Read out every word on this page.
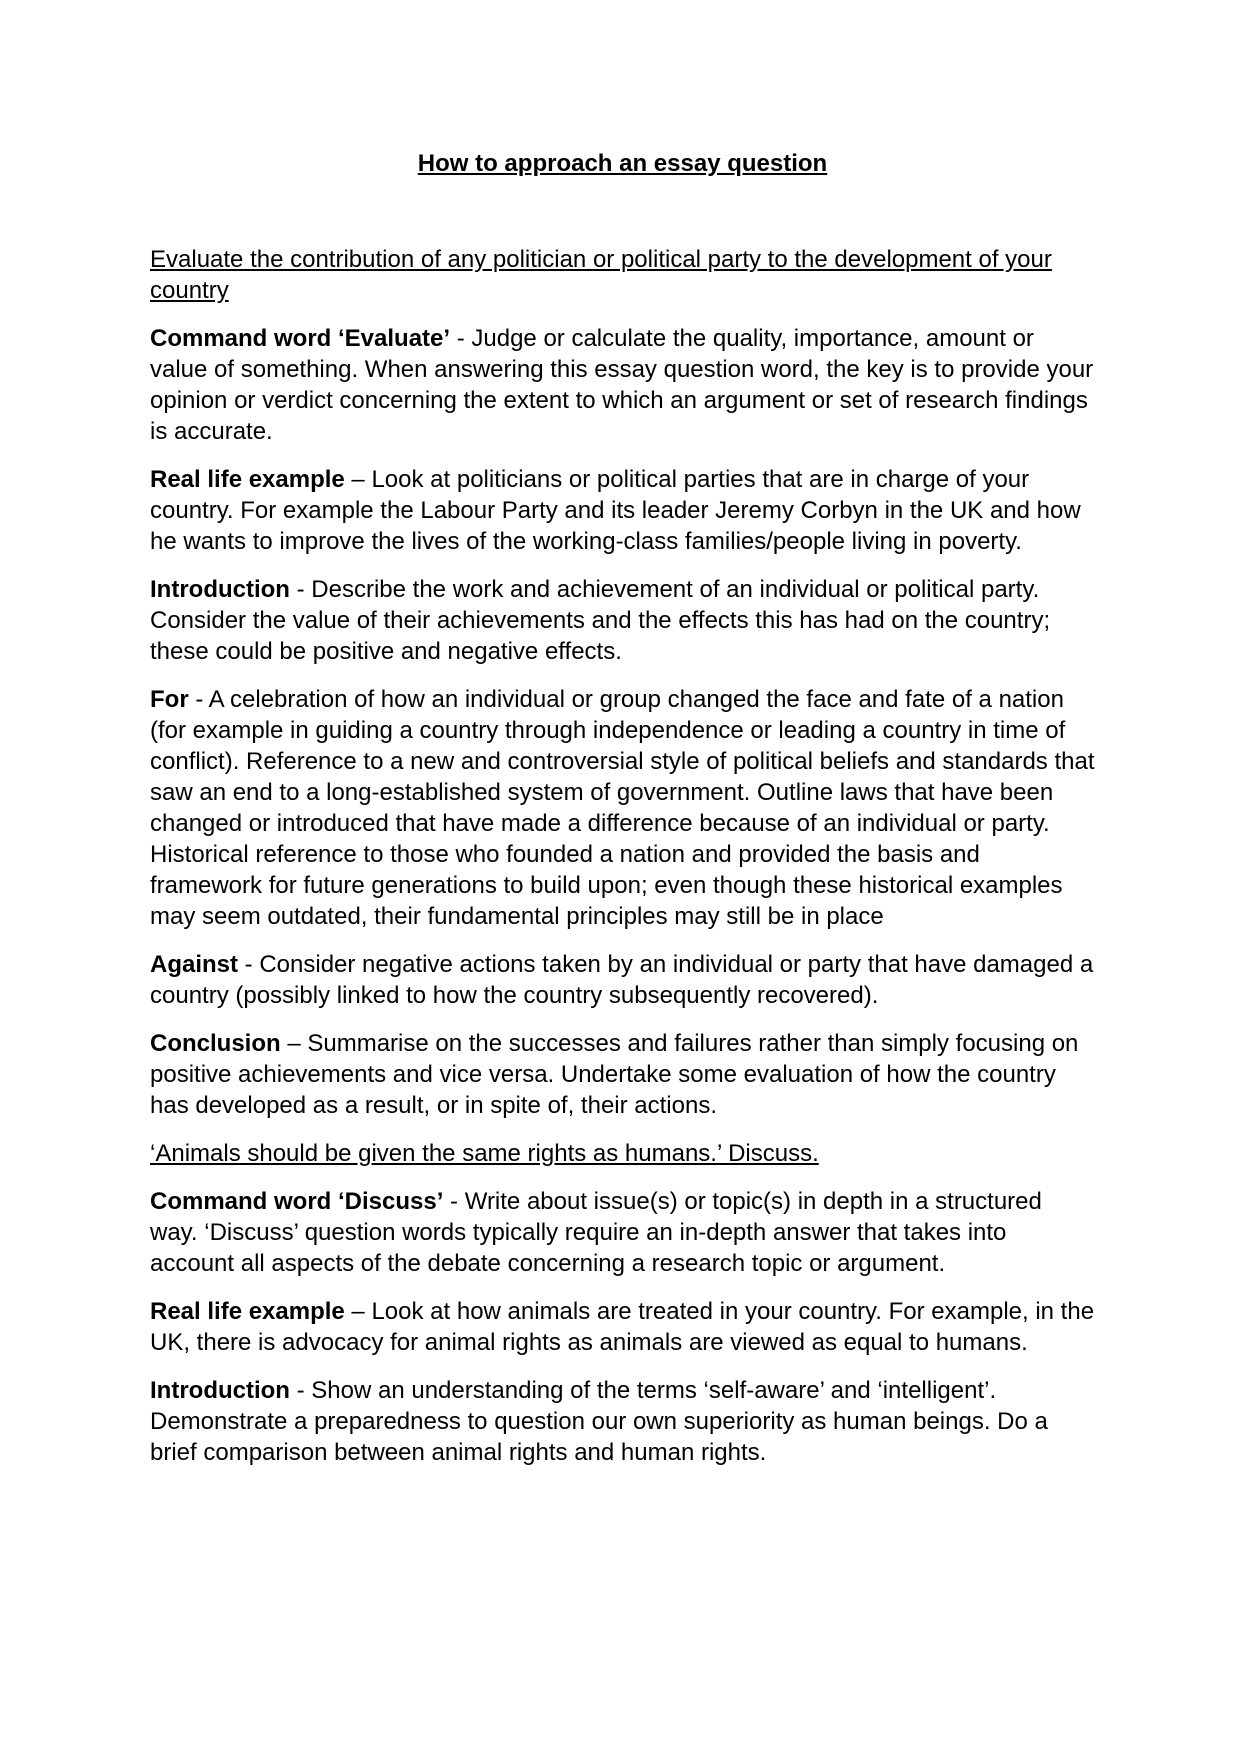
How to approach an essay question

Evaluate the contribution of any politician or political party to the development of your country

Command word ‘Evaluate’ - Judge or calculate the quality, importance, amount or value of something. When answering this essay question word, the key is to provide your opinion or verdict concerning the extent to which an argument or set of research findings is accurate.

Real life example – Look at politicians or political parties that are in charge of your country. For example the Labour Party and its leader Jeremy Corbyn in the UK and how he wants to improve the lives of the working-class families/people living in poverty.

Introduction - Describe the work and achievement of an individual or political party. Consider the value of their achievements and the effects this has had on the country; these could be positive and negative effects.

For - A celebration of how an individual or group changed the face and fate of a nation (for example in guiding a country through independence or leading a country in time of conflict). Reference to a new and controversial style of political beliefs and standards that saw an end to a long-established system of government. Outline laws that have been changed or introduced that have made a difference because of an individual or party. Historical reference to those who founded a nation and provided the basis and framework for future generations to build upon; even though these historical examples may seem outdated, their fundamental principles may still be in place

Against - Consider negative actions taken by an individual or party that have damaged a country (possibly linked to how the country subsequently recovered).

Conclusion – Summarise on the successes and failures rather than simply focusing on positive achievements and vice versa. Undertake some evaluation of how the country has developed as a result, or in spite of, their actions.

‘Animals should be given the same rights as humans.’ Discuss.

Command word ‘Discuss’ - Write about issue(s) or topic(s) in depth in a structured way. ‘Discuss’ question words typically require an in-depth answer that takes into account all aspects of the debate concerning a research topic or argument.

Real life example – Look at how animals are treated in your country. For example, in the UK, there is advocacy for animal rights as animals are viewed as equal to humans.

Introduction - Show an understanding of the terms ‘self-aware’ and ‘intelligent’. Demonstrate a preparedness to question our own superiority as human beings. Do a brief comparison between animal rights and human rights.
